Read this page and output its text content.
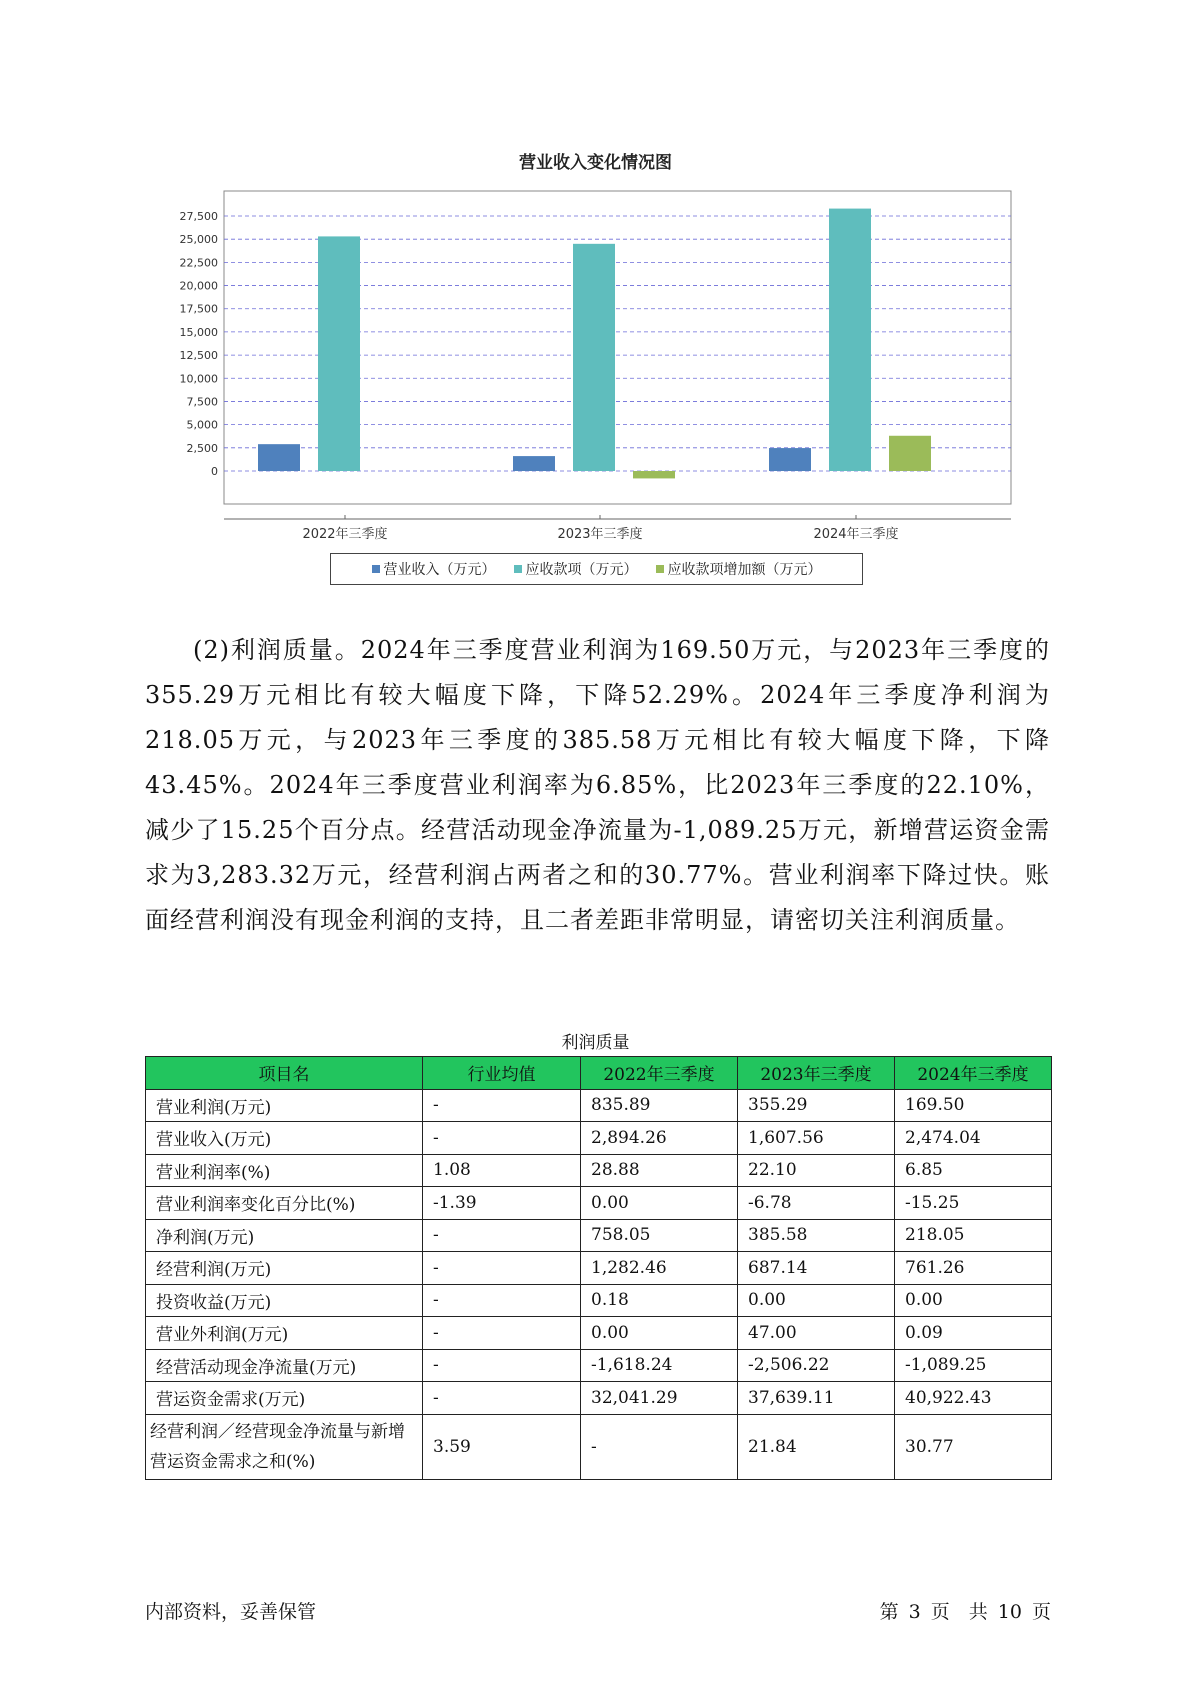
营业收入变化情况图
27,500
25,000
22,500
20,000
17,500
15,000
12,500
10,000
7,500
5,000
2,500
0
2022年三季度	2023年三季度	2024年三季度
营业收入（万元） 应收款项（万元） 应收款项增加额（万元）

(2)利润质量。2024年三季度营业利润为169.50万元，与2023年三季度的355.29万元相比有较大幅度下降，下降52.29%。2024年三季度净利润为218.05万元，与2023年三季度的385.58万元相比有较大幅度下降，下降43.45%。2024年三季度营业利润率为6.85%，比2023年三季度的22.10%，减少了15.25个百分点。经营活动现金净流量为-1,089.25万元，新增营运资金需求为3,283.32万元，经营利润占两者之和的30.77%。营业利润率下降过快。账面经营利润没有现金利润的支持，且二者差距非常明显，请密切关注利润质量。

利润质量
项目名	行业均值	2022年三季度	2023年三季度	2024年三季度
营业利润(万元)	-	835.89	355.29	169.50
营业收入(万元)	-	2,894.26	1,607.56	2,474.04
营业利润率(%)	1.08	28.88	22.10	6.85
营业利润率变化百分比(%)	-1.39	0.00	-6.78	-15.25
净利润(万元)	-	758.05	385.58	218.05
经营利润(万元)	-	1,282.46	687.14	761.26
投资收益(万元)	-	0.18	0.00	0.00
营业外利润(万元)	-	0.00	47.00	0.09
经营活动现金净流量(万元)	-	-1,618.24	-2,506.22	-1,089.25
营运资金需求(万元)	-	32,041.29	37,639.11	40,922.43
经营利润／经营现金净流量与新增营运资金需求之和(%)	3.59	-	21.84	30.77
内部资料，妥善保管	第 3 页　共 10 页
